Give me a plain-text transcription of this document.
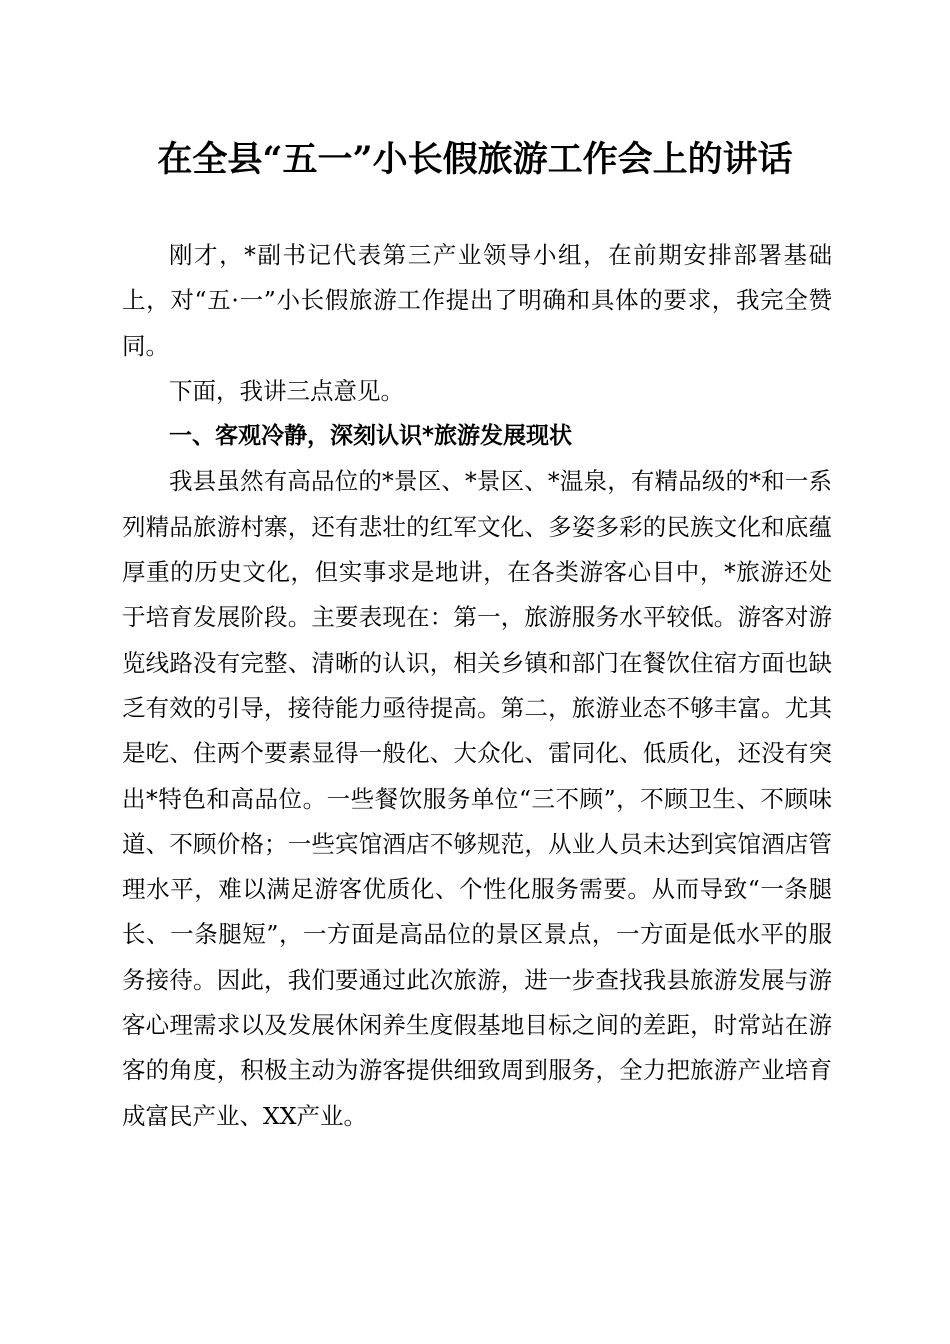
在全县“五一”小长假旅游工作会上的讲话

刚才，*副书记代表第三产业领导小组，在前期安排部署基础上，对“五·一”小长假旅游工作提出了明确和具体的要求，我完全赞同。

下面，我讲三点意见。

一、客观冷静，深刻认识*旅游发展现状

我县虽然有高品位的*景区、*景区、*温泉，有精品级的*和一系列精品旅游村寨，还有悲壮的红军文化、多姿多彩的民族文化和底蕴厚重的历史文化，但实事求是地讲，在各类游客心目中，*旅游还处于培育发展阶段。主要表现在：第一，旅游服务水平较低。游客对游览线路没有完整、清晰的认识，相关乡镇和部门在餐饮住宿方面也缺乏有效的引导，接待能力亟待提高。第二，旅游业态不够丰富。尤其是吃、住两个要素显得一般化、大众化、雷同化、低质化，还没有突出*特色和高品位。一些餐饮服务单位“三不顾”，不顾卫生、不顾味道、不顾价格；一些宾馆酒店不够规范，从业人员未达到宾馆酒店管理水平，难以满足游客优质化、个性化服务需要。从而导致“一条腿长、一条腿短”，一方面是高品位的景区景点，一方面是低水平的服务接待。因此，我们要通过此次旅游，进一步查找我县旅游发展与游客心理需求以及发展休闲养生度假基地目标之间的差距，时常站在游客的角度，积极主动为游客提供细致周到服务，全力把旅游产业培育成富民产业、XX产业。
